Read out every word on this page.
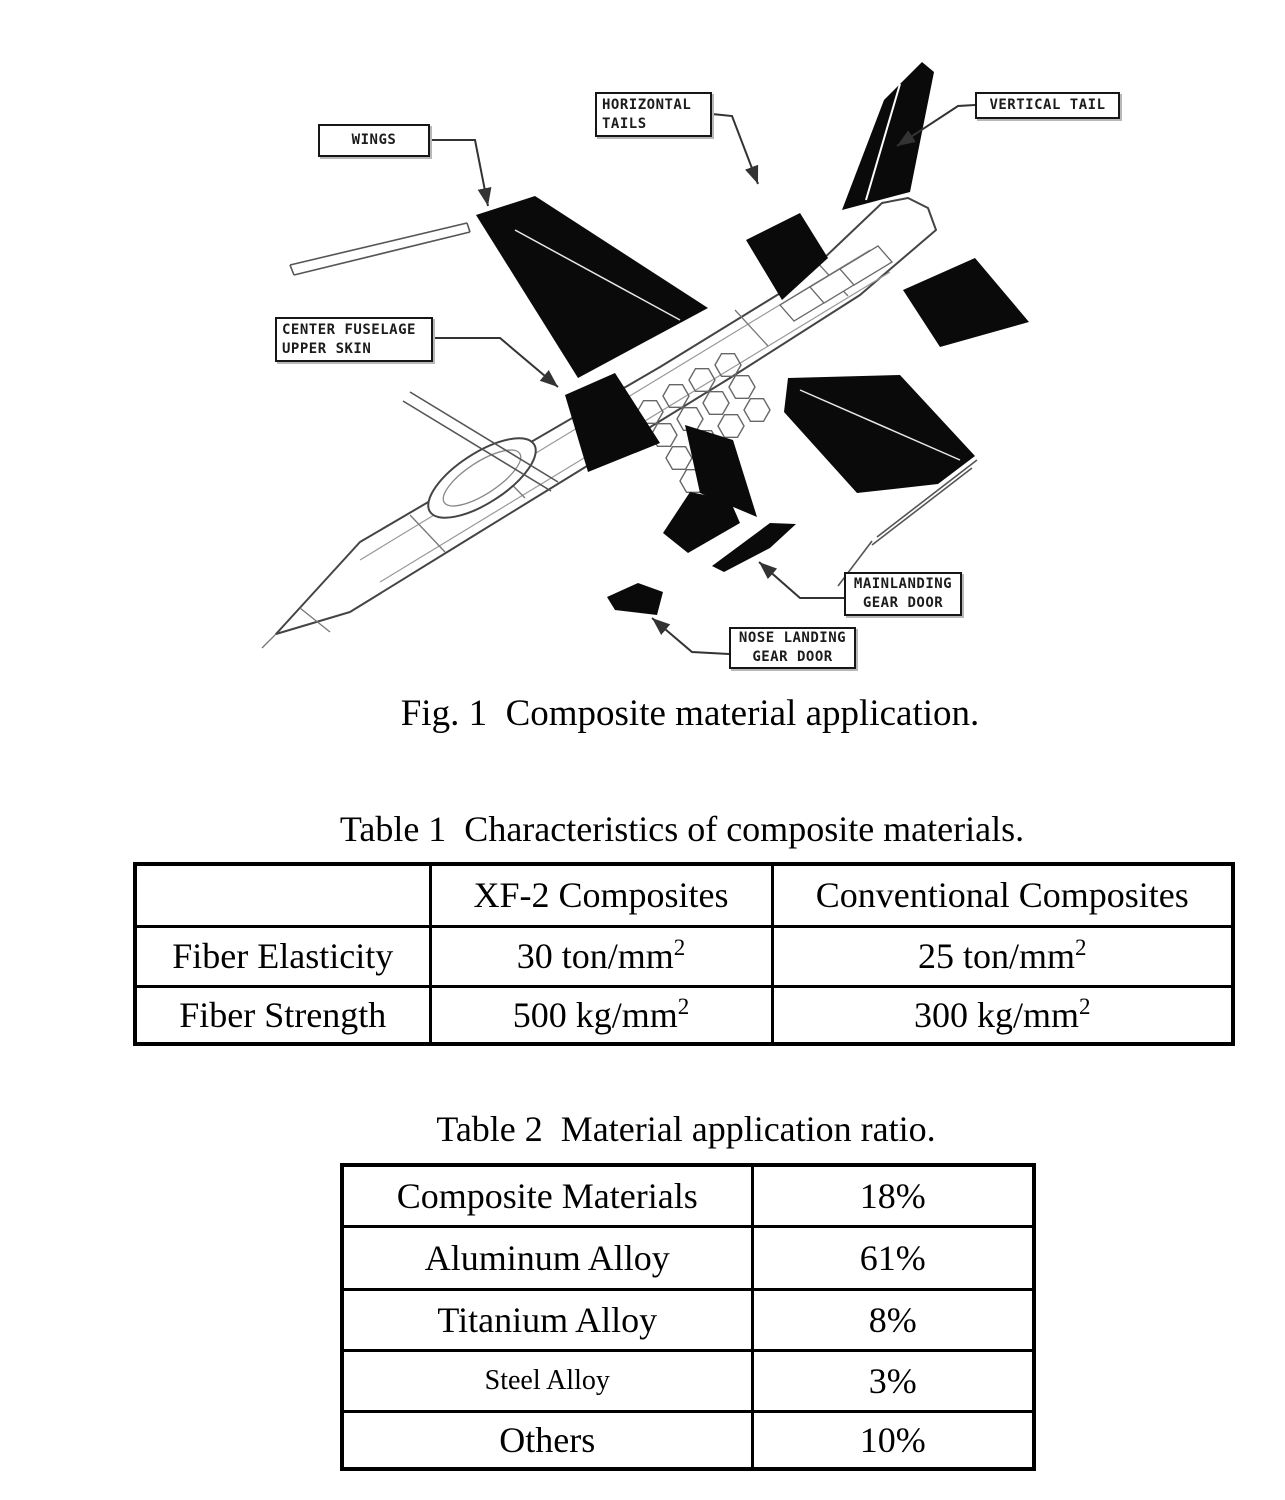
WINGS
HORIZONTAL
TAILS
VERTICAL TAIL
CENTER FUSELAGE
UPPER SKIN
MAINLANDING
GEAR DOOR
NOSE LANDING
GEAR DOOR
Fig. 1  Composite material application.
Table 1  Characteristics of composite materials.
	XF-2 Composites	Conventional Composites
Fiber Elasticity	30 ton/$mm^2$	25 ton/$mm^2$
Fiber Strength	500 $kg/mm^2$	300 $kg/mm^2$
Table 2  Material application ratio.
Composite Materials	18%
Aluminum Alloy	61%
Titanium Alloy	8%
Steel Alloy	3%
Others	10%
